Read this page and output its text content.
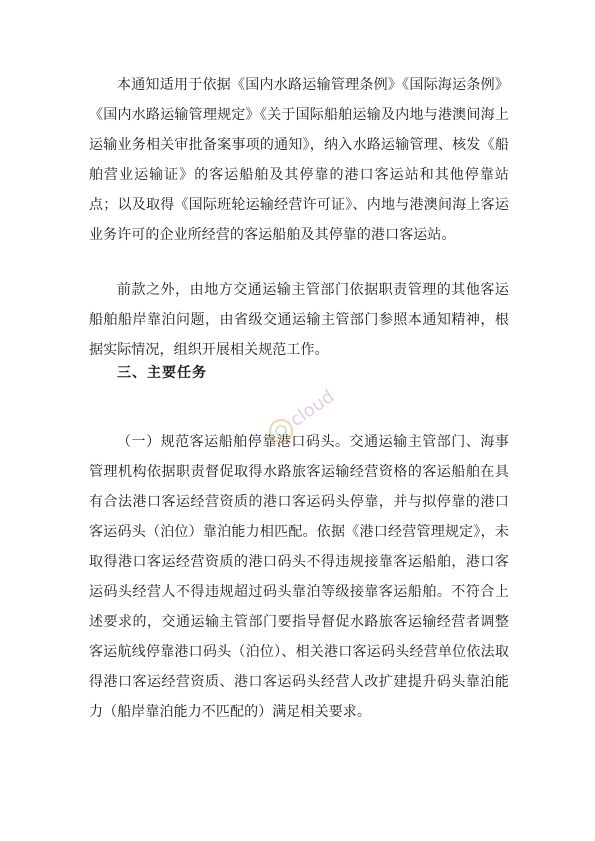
本通知适用于依据《国内水路运输管理条例》《国际海运条例》《国内水路运输管理规定》《关于国际船舶运输及内地与港澳间海上运输业务相关审批备案事项的通知》，纳入水路运输管理、核发《船舶营业运输证》的客运船舶及其停靠的港口客运站和其他停靠站点；以及取得《国际班轮运输经营许可证》、内地与港澳间海上客运业务许可的企业所经营的客运船舶及其停靠的港口客运站。

前款之外，由地方交通运输主管部门依据职责管理的其他客运船舶船岸靠泊问题，由省级交通运输主管部门参照本通知精神，根据实际情况，组织开展相关规范工作。

三、主要任务

（一）规范客运船舶停靠港口码头。交通运输主管部门、海事管理机构依据职责督促取得水路旅客运输经营资格的客运船舶在具有合法港口客运经营资质的港口客运码头停靠，并与拟停靠的港口客运码头（泊位）靠泊能力相匹配。依据《港口经营管理规定》，未取得港口客运经营资质的港口码头不得违规接靠客运船舶，港口客运码头经营人不得违规超过码头靠泊等级接靠客运船舶。不符合上述要求的，交通运输主管部门要指导督促水路旅客运输经营者调整客运航线停靠港口码头（泊位）、相关港口客运码头经营单位依法取得港口客运经营资质、港口客运码头经营人改扩建提升码头靠泊能力（船岸靠泊能力不匹配的）满足相关要求。

cloud
